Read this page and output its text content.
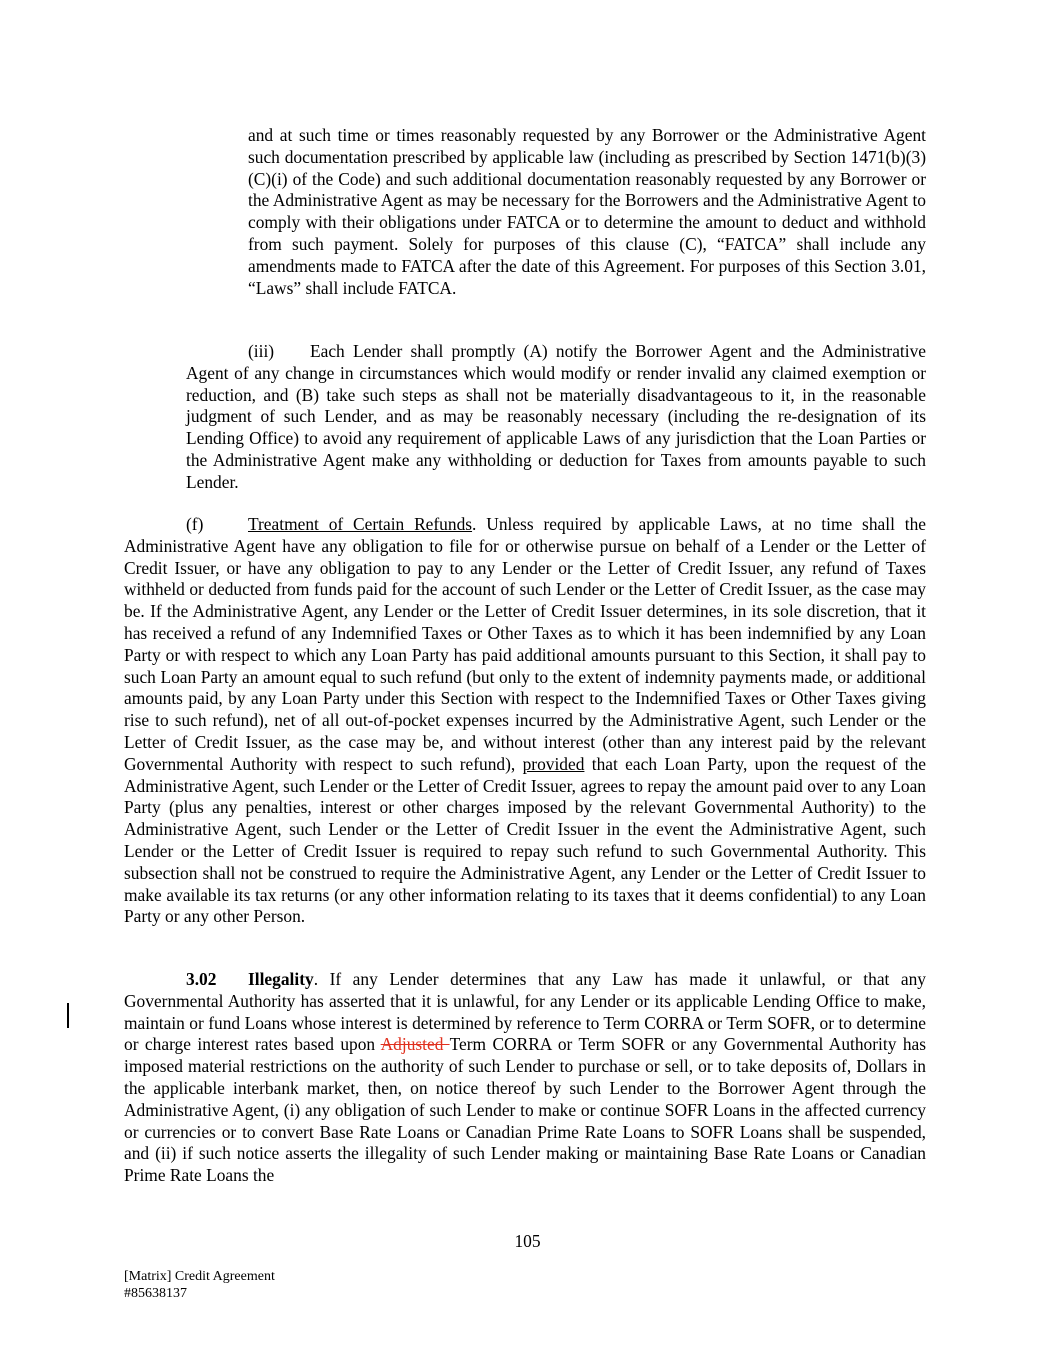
and at such time or times reasonably requested by any Borrower or the Administrative Agent such documentation prescribed by applicable law (including as prescribed by Section 1471(b)(3)(C)(i) of the Code) and such additional documentation reasonably requested by any Borrower or the Administrative Agent as may be necessary for the Borrowers and the Administrative Agent to comply with their obligations under FATCA or to determine the amount to deduct and withhold from such payment. Solely for purposes of this clause (C), “FATCA” shall include any amendments made to FATCA after the date of this Agreement. For purposes of this Section 3.01, “Laws” shall include FATCA.

(iii) Each Lender shall promptly (A) notify the Borrower Agent and the Administrative Agent of any change in circumstances which would modify or render invalid any claimed exemption or reduction, and (B) take such steps as shall not be materially disadvantageous to it, in the reasonable judgment of such Lender, and as may be reasonably necessary (including the re-designation of its Lending Office) to avoid any requirement of applicable Laws of any jurisdiction that the Loan Parties or the Administrative Agent make any withholding or deduction for Taxes from amounts payable to such Lender.

(f)	Treatment of Certain Refunds. Unless required by applicable Laws, at no time shall the Administrative Agent have any obligation to file for or otherwise pursue on behalf of a Lender or the Letter of Credit Issuer, or have any obligation to pay to any Lender or the Letter of Credit Issuer, any refund of Taxes withheld or deducted from funds paid for the account of such Lender or the Letter of Credit Issuer, as the case may be. If the Administrative Agent, any Lender or the Letter of Credit Issuer determines, in its sole discretion, that it has received a refund of any Indemnified Taxes or Other Taxes as to which it has been indemnified by any Loan Party or with respect to which any Loan Party has paid additional amounts pursuant to this Section, it shall pay to such Loan Party an amount equal to such refund (but only to the extent of indemnity payments made, or additional amounts paid, by any Loan Party under this Section with respect to the Indemnified Taxes or Other Taxes giving rise to such refund), net of all out-of-pocket expenses incurred by the Administrative Agent, such Lender or the Letter of Credit Issuer, as the case may be, and without interest (other than any interest paid by the relevant Governmental Authority with respect to such refund), provided that each Loan Party, upon the request of the Administrative Agent, such Lender or the Letter of Credit Issuer, agrees to repay the amount paid over to any Loan Party (plus any penalties, interest or other charges imposed by the relevant Governmental Authority) to the Administrative Agent, such Lender or the Letter of Credit Issuer in the event the Administrative Agent, such Lender or the Letter of Credit Issuer is required to repay such refund to such Governmental Authority. This subsection shall not be construed to require the Administrative Agent, any Lender or the Letter of Credit Issuer to make available its tax returns (or any other information relating to its taxes that it deems confidential) to any Loan Party or any other Person.

3.02 Illegality. If any Lender determines that any Law has made it unlawful, or that any Governmental Authority has asserted that it is unlawful, for any Lender or its applicable Lending Office to make, maintain or fund Loans whose interest is determined by reference to Term CORRA or Term SOFR, or to determine or charge interest rates based upon Adjusted Term CORRA or Term SOFR or any Governmental Authority has imposed material restrictions on the authority of such Lender to purchase or sell, or to take deposits of, Dollars in the applicable interbank market, then, on notice thereof by such Lender to the Borrower Agent through the Administrative Agent, (i) any obligation of such Lender to make or continue SOFR Loans in the affected currency or currencies or to convert Base Rate Loans or Canadian Prime Rate Loans to SOFR Loans shall be suspended, and (ii) if such notice asserts the illegality of such Lender making or maintaining Base Rate Loans or Canadian Prime Rate Loans the

105
[Matrix] Credit Agreement
#85638137
